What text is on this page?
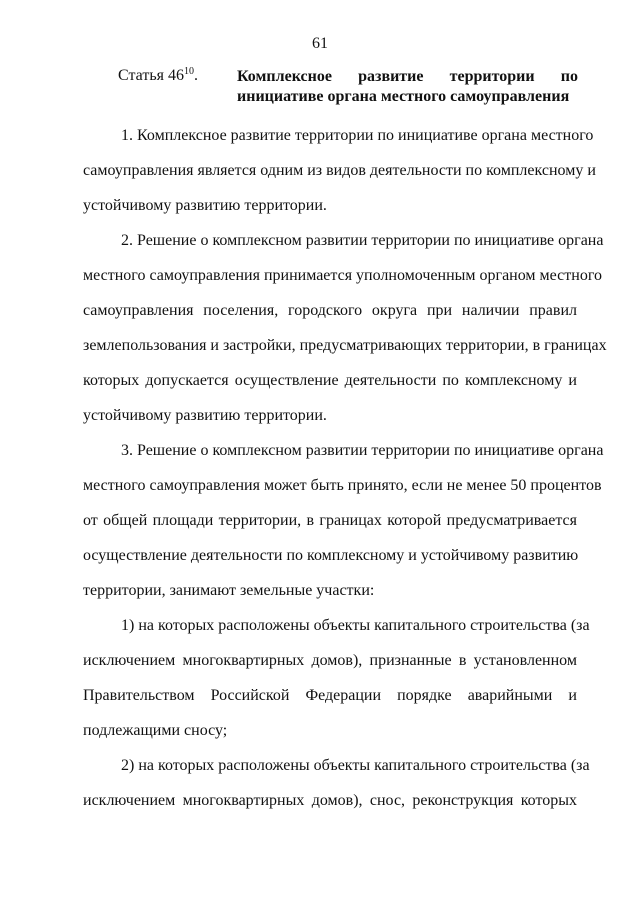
61
Статья $46^{10}$. Комплексное развитие территории по
инициативе органа местного самоуправления
1. Комплексное развитие территории по инициативе органа местного
самоуправления является одним из видов деятельности по комплексному и
устойчивому развитию территории.
2. Решение о комплексном развитии территории по инициативе органа
местного самоуправления принимается уполномоченным органом местного
самоуправления поселения, городского округа при наличии правил
землепользования и застройки, предусматривающих территории, в границах
которых допускается осуществление деятельности по комплексному и
устойчивому развитию территории.
3. Решение о комплексном развитии территории по инициативе органа
местного самоуправления может быть принято, если не менее 50 процентов
от общей площади территории, в границах которой предусматривается
осуществление деятельности по комплексному и устойчивому развитию
территории, занимают земельные участки:
1) на которых расположены объекты капитального строительства (за
исключением многоквартирных домов), признанные в установленном
Правительством Российской Федерации порядке аварийными и
подлежащими сносу;
2) на которых расположены объекты капитального строительства (за
исключением многоквартирных домов), снос, реконструкция которых
